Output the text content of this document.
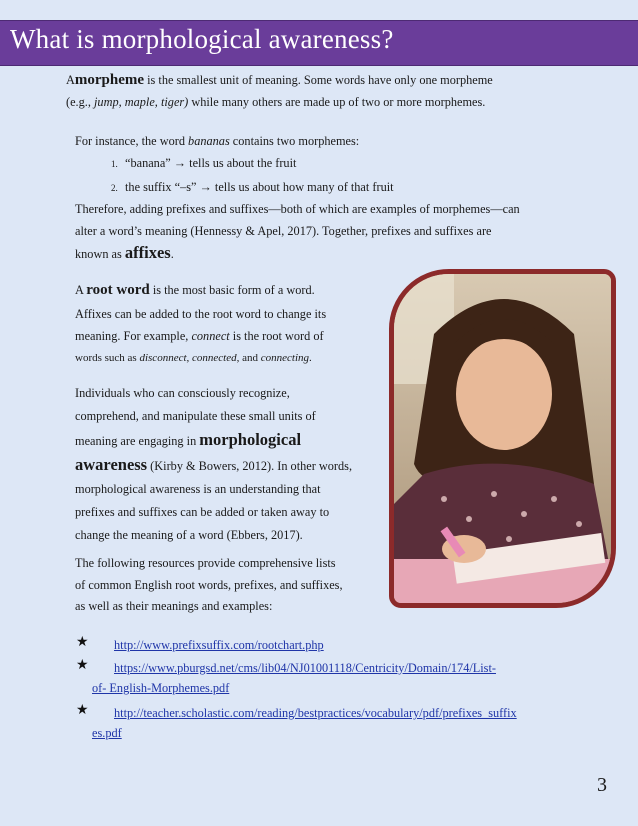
What is morphological awareness?

Amorpheme is the smallest unit of meaning. Some words have only one morpheme
(e.g., jump, maple, tiger) while many others are made up of two or more morphemes.

For instance, the word bananas contains two morphemes:

1. “banana” → tells us about the fruit
2. the suffix “–s” → tells us about how many of that fruit

Therefore, adding prefixes and suffixes—both of which are examples of morphemes—can
alter a word’s meaning (Hennessy & Apel, 2017). Together, prefixes and suffixes are
known as affixes.

A root word is the most basic form of a word.

Affixes can be added to the root word to change its
meaning. For example, connect is the root word of
words such as disconnect, connected, and connecting.

Individuals who can consciously recognize,
comprehend, and manipulate these small units of
meaning are engaging in morphological
awareness (Kirby & Bowers, 2012). In other words,
morphological awareness is an understanding that
prefixes and suffixes can be added or taken away to
change the meaning of a word (Ebbers, 2017).

The following resources provide comprehensive lists
of common English root words, prefixes, and suffixes,
as well as their meanings and examples:

★ http://www.prefixsuffix.com/rootchart.php
★	https://www.pburgsd.net/cms/lib04/NJ01001118/Centricity/Domain/174/List-
of- English-Morphemes.pdf
★	http://teacher.scholastic.com/reading/bestpractices/vocabulary/pdf/prefixes_suffix
es.pdf
3
